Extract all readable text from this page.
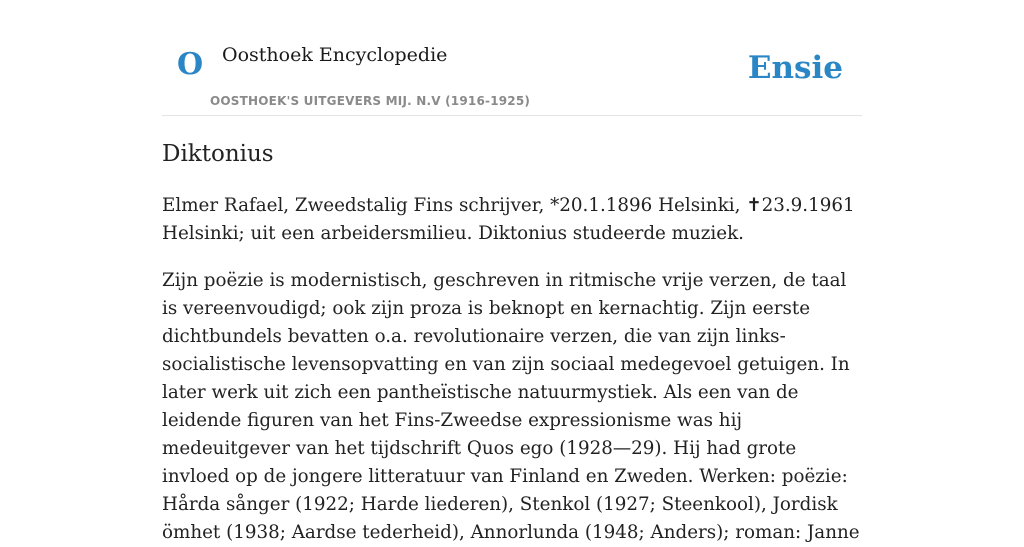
O Oosthoek Encyclopedie
OOSTHOEK'S UITGEVERS MIJ. N.V (1916-1925)
Ensie
Diktonius

Elmer Rafael, Zweedstalig Fins schrijver, *20.1.1896 Helsinki, ✝23.9.1961 Helsinki; uit een arbeidersmilieu. Diktonius studeerde muziek.

Zijn poëzie is modernistisch, geschreven in ritmische vrije verzen, de taal is vereenvoudigd; ook zijn proza is beknopt en kernachtig. Zijn eerste dichtbundels bevatten o.a. revolutionaire verzen, die van zijn links-socialistische levensopvatting en van zijn sociaal medegevoel getuigen. In later werk uit zich een pantheïstische natuurmystiek. Als een van de leidende figuren van het Fins-Zweedse expressionisme was hij medeuitgever van het tijdschrift Quos ego (1928—29). Hij had grote invloed op de jongere litteratuur van Finland en Zweden. Werken: poëzie: Hårda sånger (1922; Harde liederen), Stenkol (1927; Steenkool), Jordisk ömhet (1938; Aardse tederheid), Annorlunda (1948; Anders); roman: Janne
